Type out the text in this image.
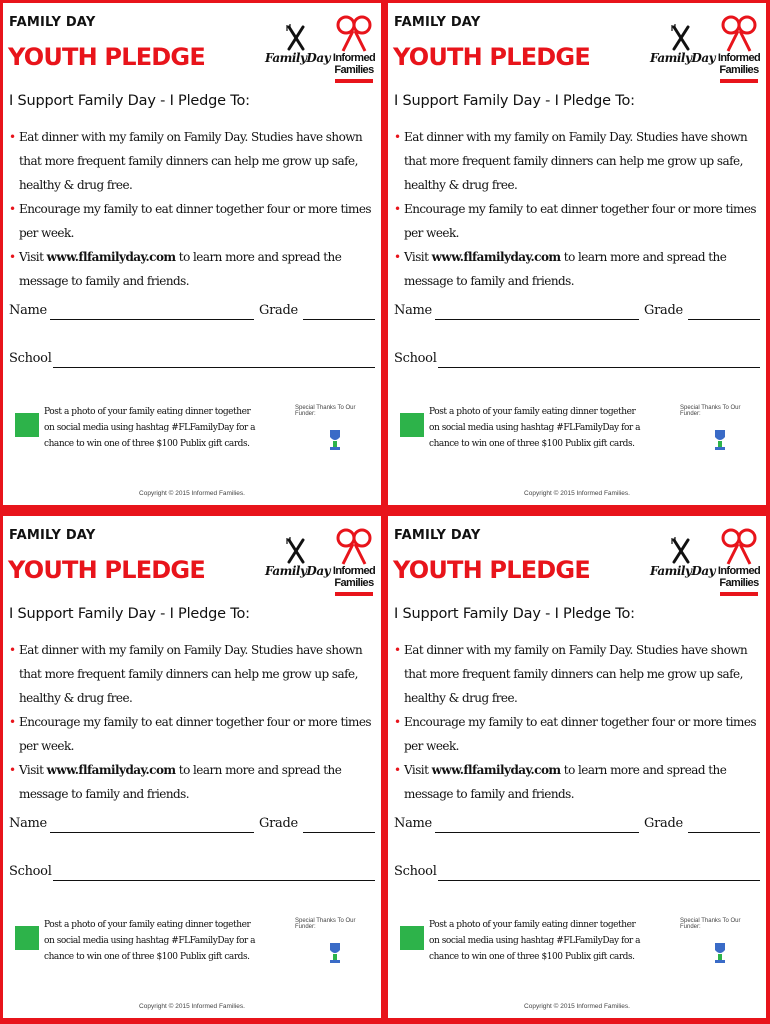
FAMILY DAY
YOUTH PLEDGE	FamilyDay Informed
Families
I Support Family Day - I Pledge To:
• Eat dinner with my family on Family Day. Studies have shown that more frequent family dinners can help me grow up safe, healthy & drug free.
• Encourage my family to eat dinner together four or more times per week.
• Visit www.flfamilyday.com to learn more and spread the message to family and friends.
Name	Grade
School
Post a photo of your family eating dinner together on social media using hashtag #FLFamilyDay for a chance to win one of three $100 Publix gift cards.
Special Thanks To Our Funder:
Copyright © 2015 Informed Families.
FAMILY DAY
YOUTH PLEDGE	FamilyDay Informed
Families
I Support Family Day - I Pledge To:
• Eat dinner with my family on Family Day. Studies have shown that more frequent family dinners can help me grow up safe, healthy & drug free.
• Encourage my family to eat dinner together four or more times per week.
• Visit www.flfamilyday.com to learn more and spread the message to family and friends.
Name	Grade
School
Post a photo of your family eating dinner together on social media using hashtag #FLFamilyDay for a chance to win one of three $100 Publix gift cards.
Special Thanks To Our Funder:
Copyright © 2015 Informed Families.
FAMILY DAY
YOUTH PLEDGE	FamilyDay Informed
Families
I Support Family Day - I Pledge To:
• Eat dinner with my family on Family Day. Studies have shown that more frequent family dinners can help me grow up safe, healthy & drug free.
• Encourage my family to eat dinner together four or more times per week.
• Visit www.flfamilyday.com to learn more and spread the message to family and friends.
Name	Grade
School
Post a photo of your family eating dinner together on social media using hashtag #FLFamilyDay for a chance to win one of three $100 Publix gift cards.
Special Thanks To Our Funder:
Copyright © 2015 Informed Families.
FAMILY DAY
YOUTH PLEDGE	FamilyDay Informed
Families
I Support Family Day - I Pledge To:
• Eat dinner with my family on Family Day. Studies have shown that more frequent family dinners can help me grow up safe, healthy & drug free.
• Encourage my family to eat dinner together four or more times per week.
• Visit www.flfamilyday.com to learn more and spread the message to family and friends.
Name	Grade
School
Post a photo of your family eating dinner together on social media using hashtag #FLFamilyDay for a chance to win one of three $100 Publix gift cards.
Special Thanks To Our Funder:
Copyright © 2015 Informed Families.
